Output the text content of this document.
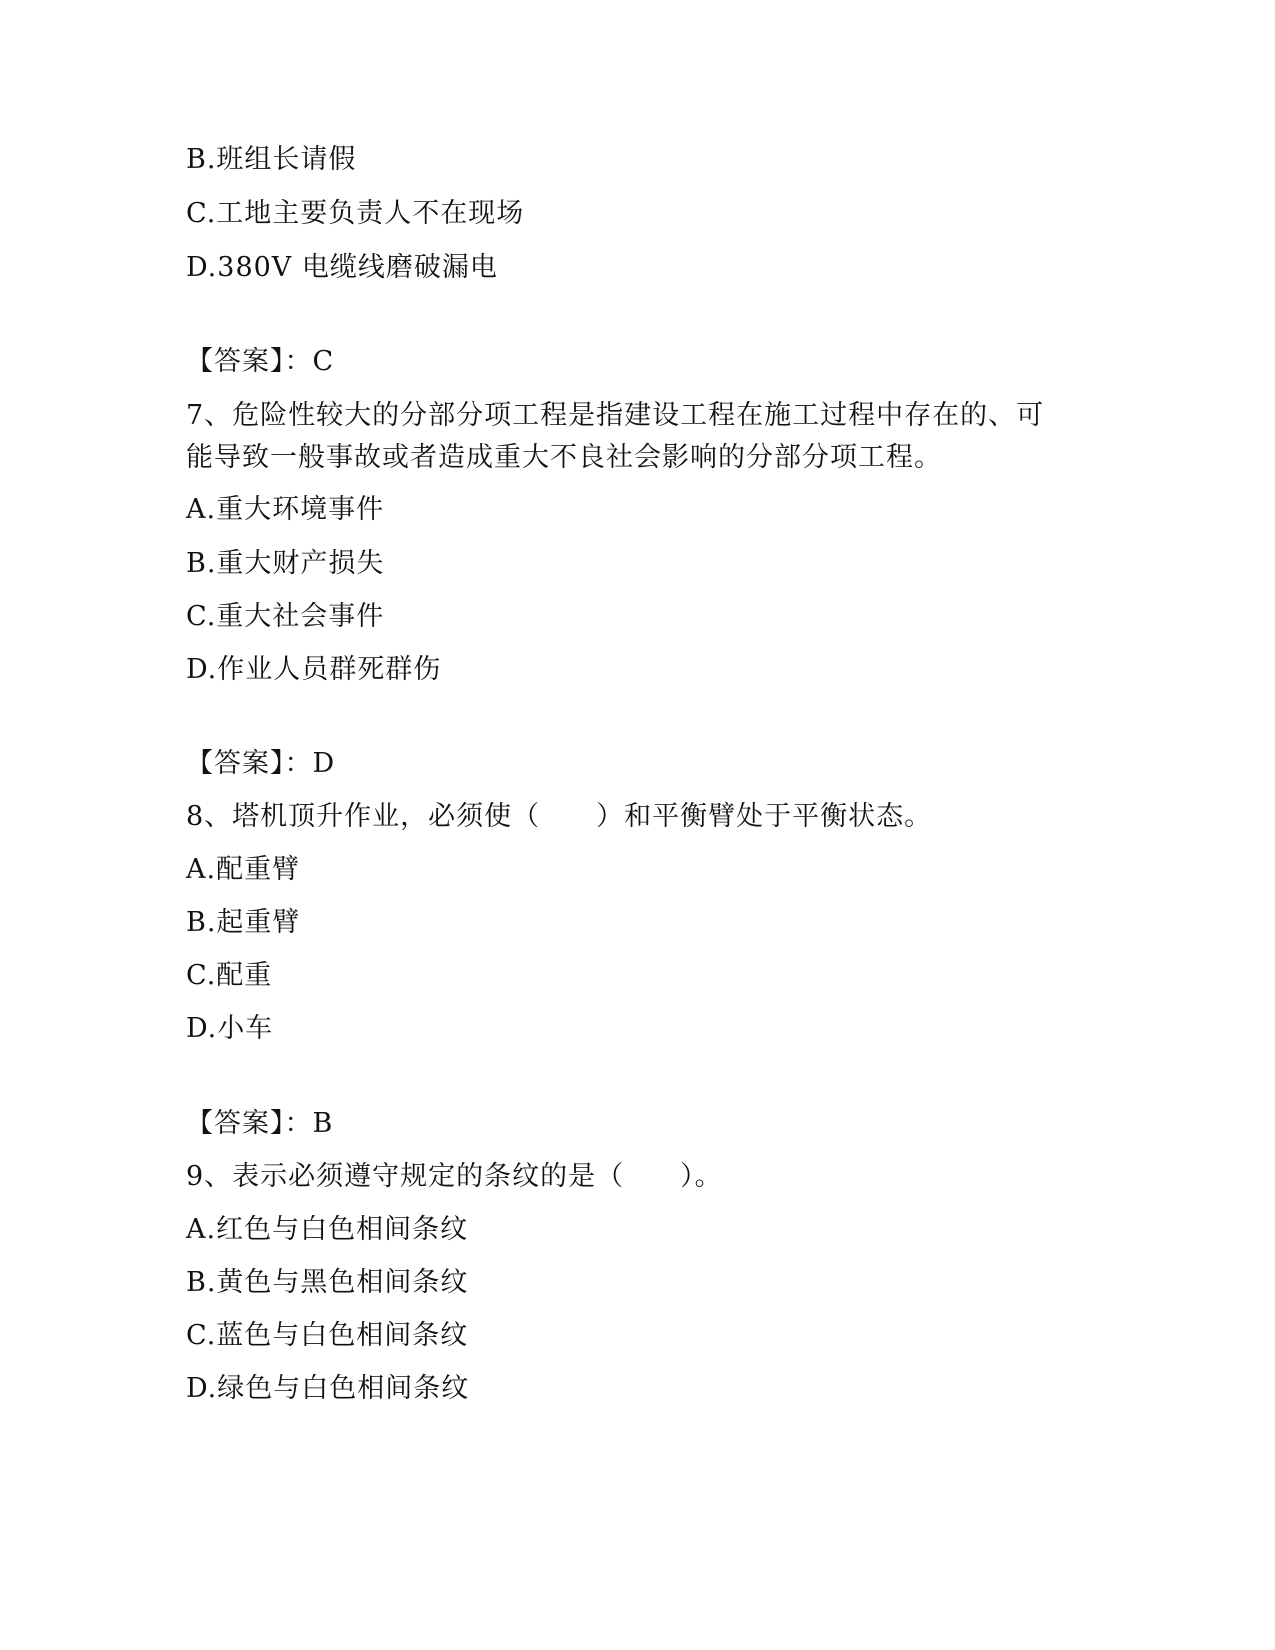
B.班组长请假
C.工地主要负责人不在现场
D.380V 电缆线磨破漏电
【答案】：C
7、危险性较大的分部分项工程是指建设工程在施工过程中存在的、可
能导致一般事故或者造成重大不良社会影响的分部分项工程。
A.重大环境事件
B.重大财产损失
C.重大社会事件
D.作业人员群死群伤
【答案】：D
8、塔机顶升作业，必须使（　　）和平衡臂处于平衡状态。
A.配重臂
B.起重臂
C.配重
D.小车
【答案】：B
9、表示必须遵守规定的条纹的是（　　）。
A.红色与白色相间条纹
B.黄色与黑色相间条纹
C.蓝色与白色相间条纹
D.绿色与白色相间条纹
